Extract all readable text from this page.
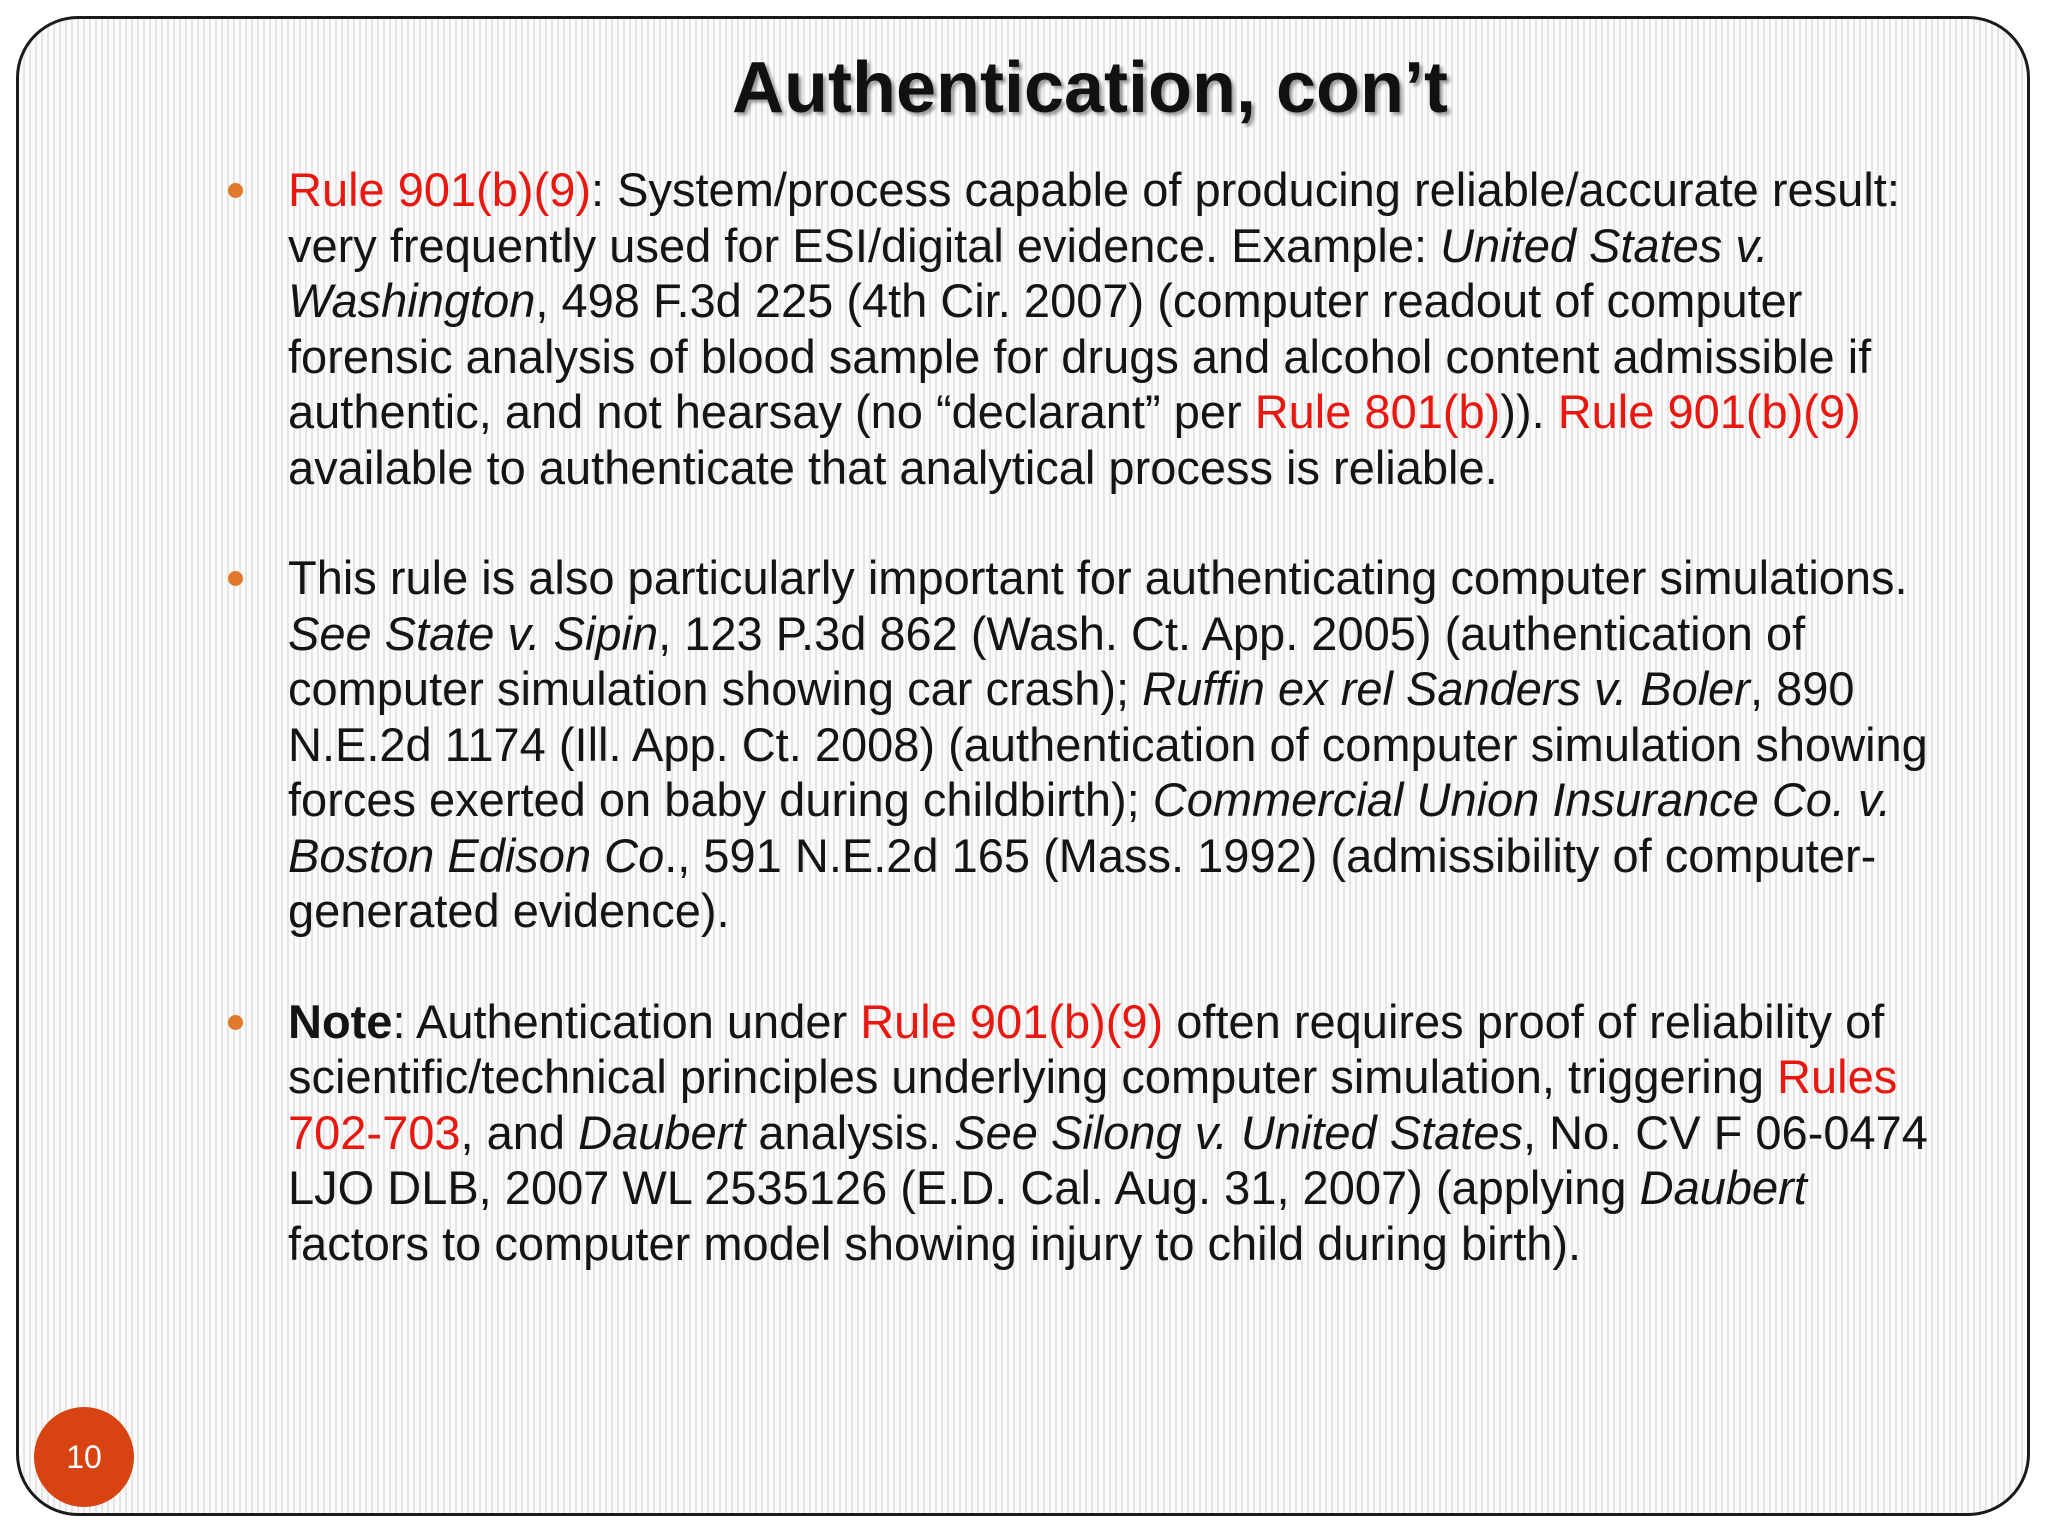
Authentication, con’t
Rule 901(b)(9): System/process capable of producing reliable/accurate result: very frequently used for ESI/digital evidence. Example: United States v. Washington, 498 F.3d 225 (4th Cir. 2007) (computer readout of computer forensic analysis of blood sample for drugs and alcohol content admissible if authentic, and not hearsay (no “declarant” per Rule 801(b))). Rule 901(b)(9) available to authenticate that analytical process is reliable.
This rule is also particularly important for authenticating computer simulations. See State v. Sipin, 123 P.3d 862 (Wash. Ct. App. 2005) (authentication of computer simulation showing car crash); Ruffin ex rel Sanders v. Boler, 890 N.E.2d 1174 (Ill. App. Ct. 2008) (authentication of computer simulation showing forces exerted on baby during childbirth); Commercial Union Insurance Co. v. Boston Edison Co., 591 N.E.2d 165 (Mass. 1992) (admissibility of computer-generated evidence).
Note: Authentication under Rule 901(b)(9) often requires proof of reliability of scientific/technical principles underlying computer simulation, triggering Rules 702-703, and Daubert analysis. See Silong v. United States, No. CV F 06-0474 LJO DLB, 2007 WL 2535126 (E.D. Cal. Aug. 31, 2007) (applying Daubert factors to computer model showing injury to child during birth).
10
